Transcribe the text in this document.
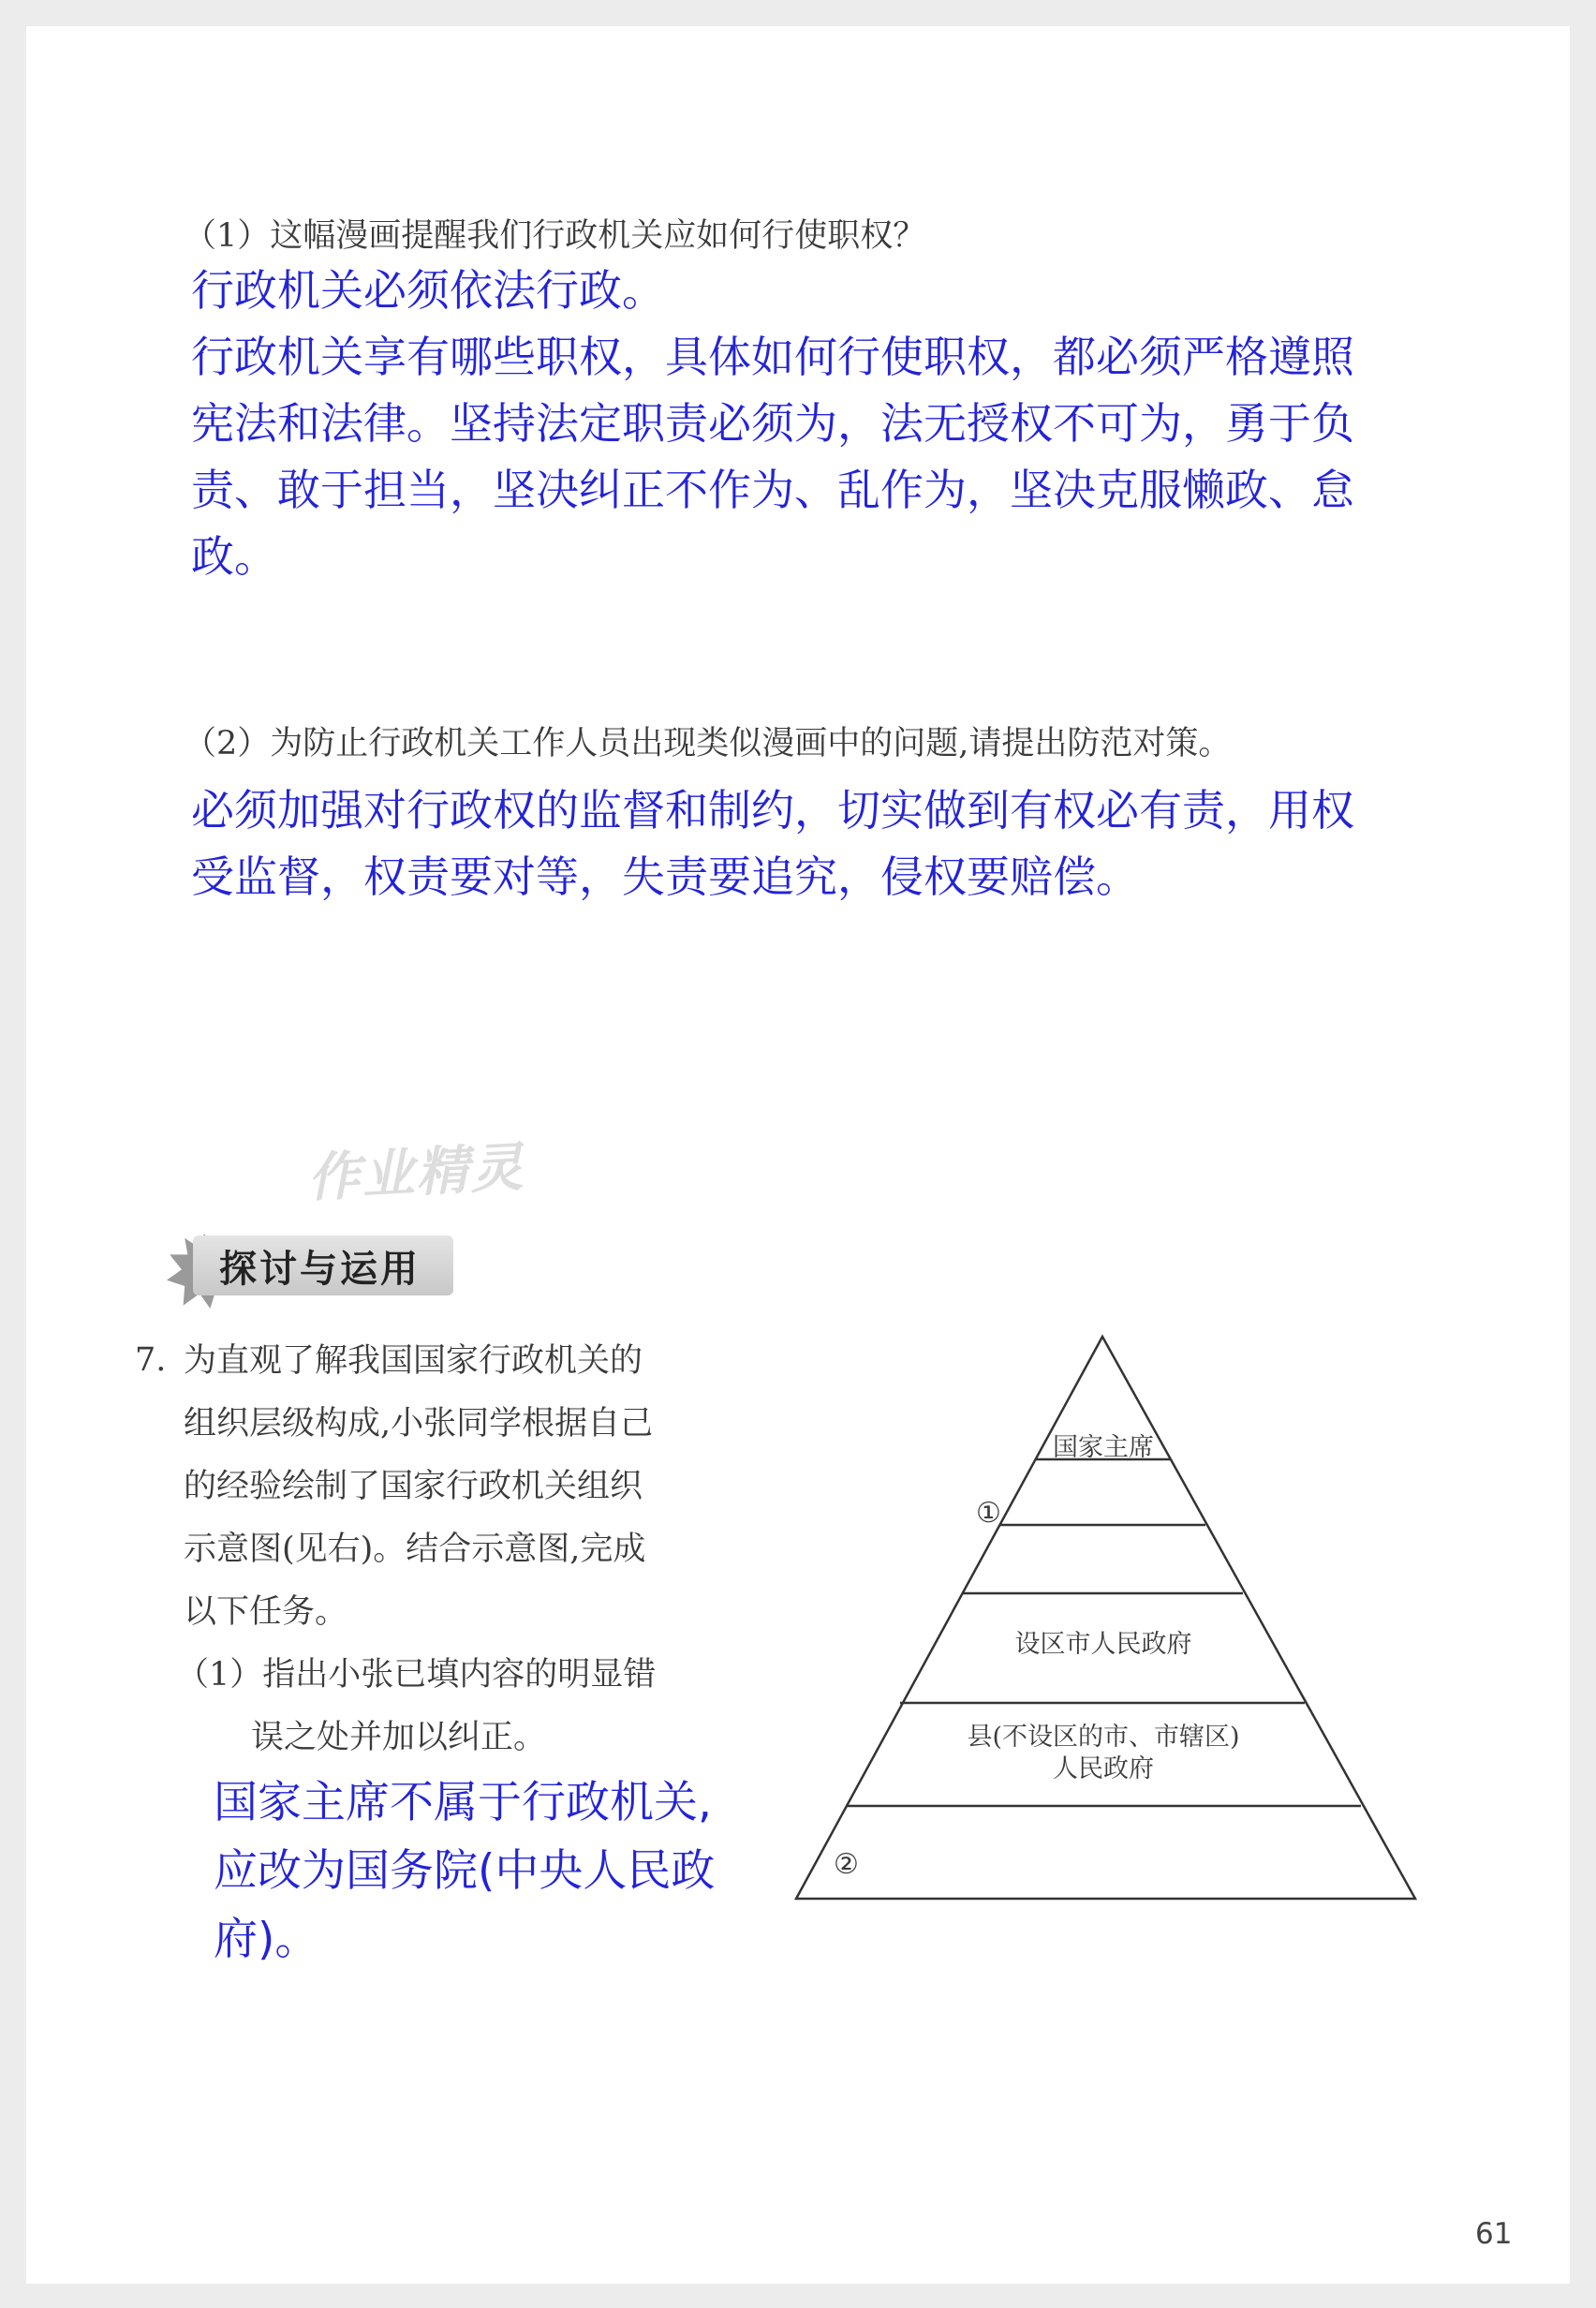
（1）这幅漫画提醒我们行政机关应如何行使职权？
行政机关必须依法行政。
行政机关享有哪些职权，具体如何行使职权，都必须严格遵照
宪法和法律。坚持法定职责必须为，法无授权不可为，勇于负
责、敢于担当，坚决纠正不作为、乱作为，坚决克服懒政、怠
政。
（2）为防止行政机关工作人员出现类似漫画中的问题,请提出防范对策。
必须加强对行政权的监督和制约，切实做到有权必有责，用权
受监督，权责要对等，失责要追究，侵权要赔偿。
作业精灵
探讨与运用
7. 为直观了解我国国家行政机关的
组织层级构成,小张同学根据自己
的经验绘制了国家行政机关组织
示意图(见右)。结合示意图,完成
以下任务。
（1）指出小张已填内容的明显错
误之处并加以纠正。
国家主席不属于行政机关,
应改为国务院(中央人民政
府)。
国家主席
①
设区市人民政府
县(不设区的市、市辖区)
人民政府
②
61
